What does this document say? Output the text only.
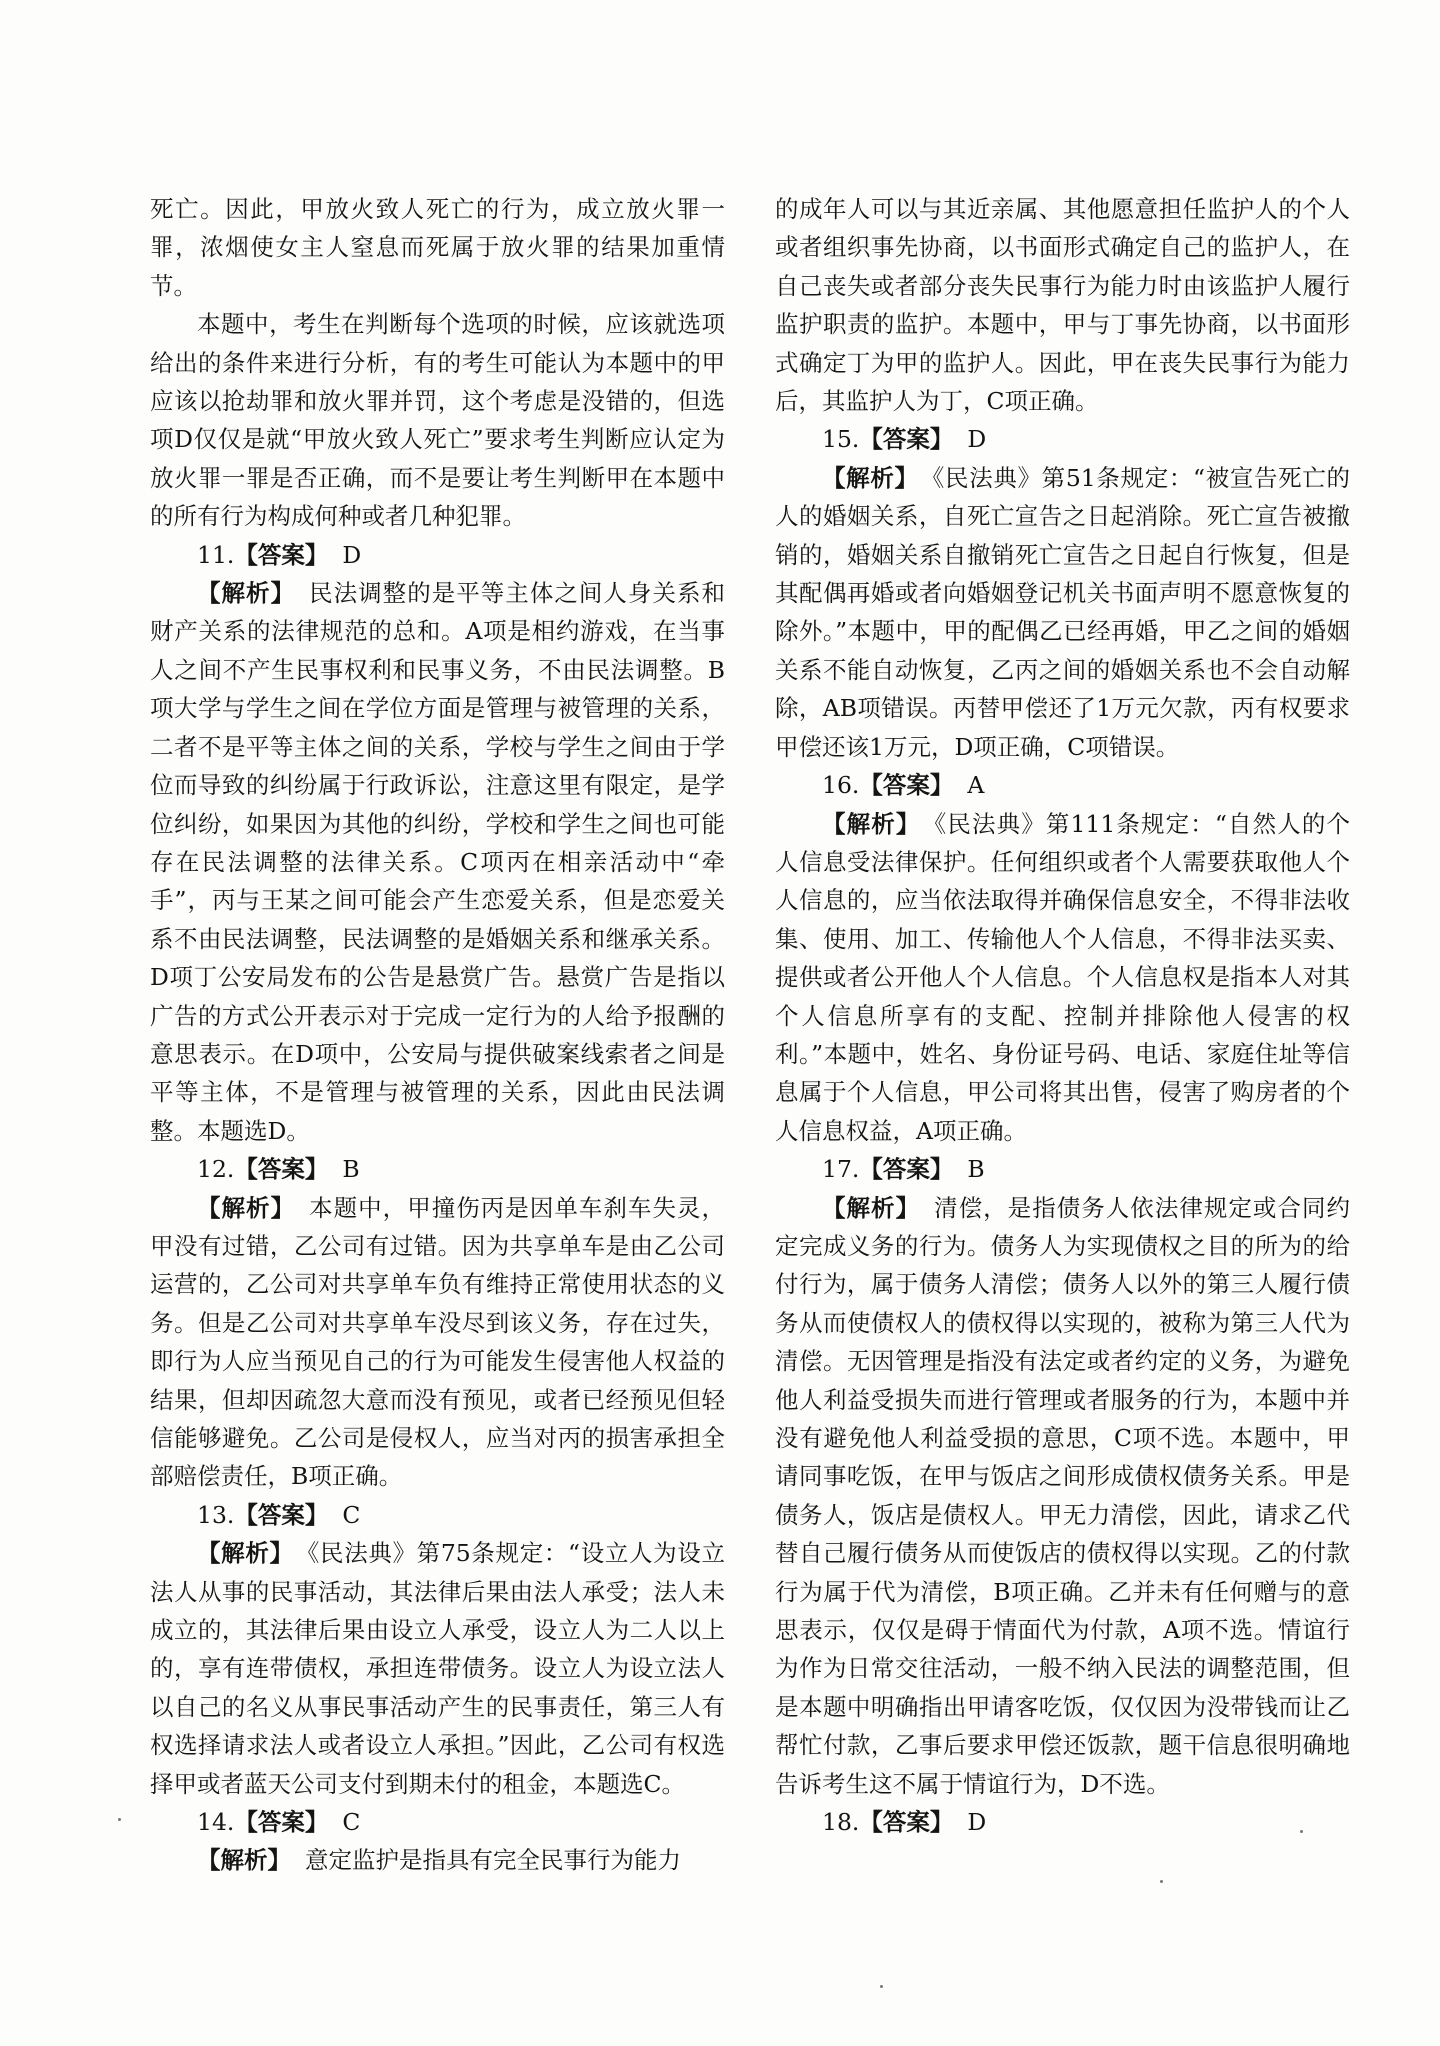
死亡。因此，甲放火致人死亡的行为，成立放火罪一罪，浓烟使女主人窒息而死属于放火罪的结果加重情节。

本题中，考生在判断每个选项的时候，应该就选项给出的条件来进行分析，有的考生可能认为本题中的甲应该以抢劫罪和放火罪并罚，这个考虑是没错的，但选项D仅仅是就“甲放火致人死亡”要求考生判断应认定为放火罪一罪是否正确，而不是要让考生判断甲在本题中的所有行为构成何种或者几种犯罪。

11.【答案】 D

【解析】 民法调整的是平等主体之间人身关系和财产关系的法律规范的总和。A项是相约游戏，在当事人之间不产生民事权利和民事义务，不由民法调整。B项大学与学生之间在学位方面是管理与被管理的关系，二者不是平等主体之间的关系，学校与学生之间由于学位而导致的纠纷属于行政诉讼，注意这里有限定，是学位纠纷，如果因为其他的纠纷，学校和学生之间也可能存在民法调整的法律关系。C项丙在相亲活动中“牵手”，丙与王某之间可能会产生恋爱关系，但是恋爱关系不由民法调整，民法调整的是婚姻关系和继承关系。D项丁公安局发布的公告是悬赏广告。悬赏广告是指以广告的方式公开表示对于完成一定行为的人给予报酬的意思表示。在D项中，公安局与提供破案线索者之间是平等主体，不是管理与被管理的关系，因此由民法调整。本题选D。

12.【答案】 B

【解析】 本题中，甲撞伤丙是因单车刹车失灵，甲没有过错，乙公司有过错。因为共享单车是由乙公司运营的，乙公司对共享单车负有维持正常使用状态的义务。但是乙公司对共享单车没尽到该义务，存在过失，即行为人应当预见自己的行为可能发生侵害他人权益的结果，但却因疏忽大意而没有预见，或者已经预见但轻信能够避免。乙公司是侵权人，应当对丙的损害承担全部赔偿责任，B项正确。

13.【答案】 C

【解析】 《民法典》第75条规定：“设立人为设立法人从事的民事活动，其法律后果由法人承受；法人未成立的，其法律后果由设立人承受，设立人为二人以上的，享有连带债权，承担连带债务。设立人为设立法人以自己的名义从事民事活动产生的民事责任，第三人有权选择请求法人或者设立人承担。”因此，乙公司有权选择甲或者蓝天公司支付到期未付的租金，本题选C。

14.【答案】 C

【解析】 意定监护是指具有完全民事行为能力

的成年人可以与其近亲属、其他愿意担任监护人的个人或者组织事先协商，以书面形式确定自己的监护人，在自己丧失或者部分丧失民事行为能力时由该监护人履行监护职责的监护。本题中，甲与丁事先协商，以书面形式确定丁为甲的监护人。因此，甲在丧失民事行为能力后，其监护人为丁，C项正确。

15.【答案】 D

【解析】 《民法典》第51条规定：“被宣告死亡的人的婚姻关系，自死亡宣告之日起消除。死亡宣告被撤销的，婚姻关系自撤销死亡宣告之日起自行恢复，但是其配偶再婚或者向婚姻登记机关书面声明不愿意恢复的除外。”本题中，甲的配偶乙已经再婚，甲乙之间的婚姻关系不能自动恢复，乙丙之间的婚姻关系也不会自动解除，AB项错误。丙替甲偿还了1万元欠款，丙有权要求甲偿还该1万元，D项正确，C项错误。

16.【答案】 A

【解析】 《民法典》第111条规定：“自然人的个人信息受法律保护。任何组织或者个人需要获取他人个人信息的，应当依法取得并确保信息安全，不得非法收集、使用、加工、传输他人个人信息，不得非法买卖、提供或者公开他人个人信息。个人信息权是指本人对其个人信息所享有的支配、控制并排除他人侵害的权利。”本题中，姓名、身份证号码、电话、家庭住址等信息属于个人信息，甲公司将其出售，侵害了购房者的个人信息权益，A项正确。

17.【答案】 B

【解析】 清偿，是指债务人依法律规定或合同约定完成义务的行为。债务人为实现债权之目的所为的给付行为，属于债务人清偿；债务人以外的第三人履行债务从而使债权人的债权得以实现的，被称为第三人代为清偿。无因管理是指没有法定或者约定的义务，为避免他人利益受损失而进行管理或者服务的行为，本题中并没有避免他人利益受损的意思，C项不选。本题中，甲请同事吃饭，在甲与饭店之间形成债权债务关系。甲是债务人，饭店是债权人。甲无力清偿，因此，请求乙代替自己履行债务从而使饭店的债权得以实现。乙的付款行为属于代为清偿，B项正确。乙并未有任何赠与的意思表示，仅仅是碍于情面代为付款，A项不选。情谊行为作为日常交往活动，一般不纳入民法的调整范围，但是本题中明确指出甲请客吃饭，仅仅因为没带钱而让乙帮忙付款，乙事后要求甲偿还饭款，题干信息很明确地告诉考生这不属于情谊行为，D不选。

18.【答案】 D
